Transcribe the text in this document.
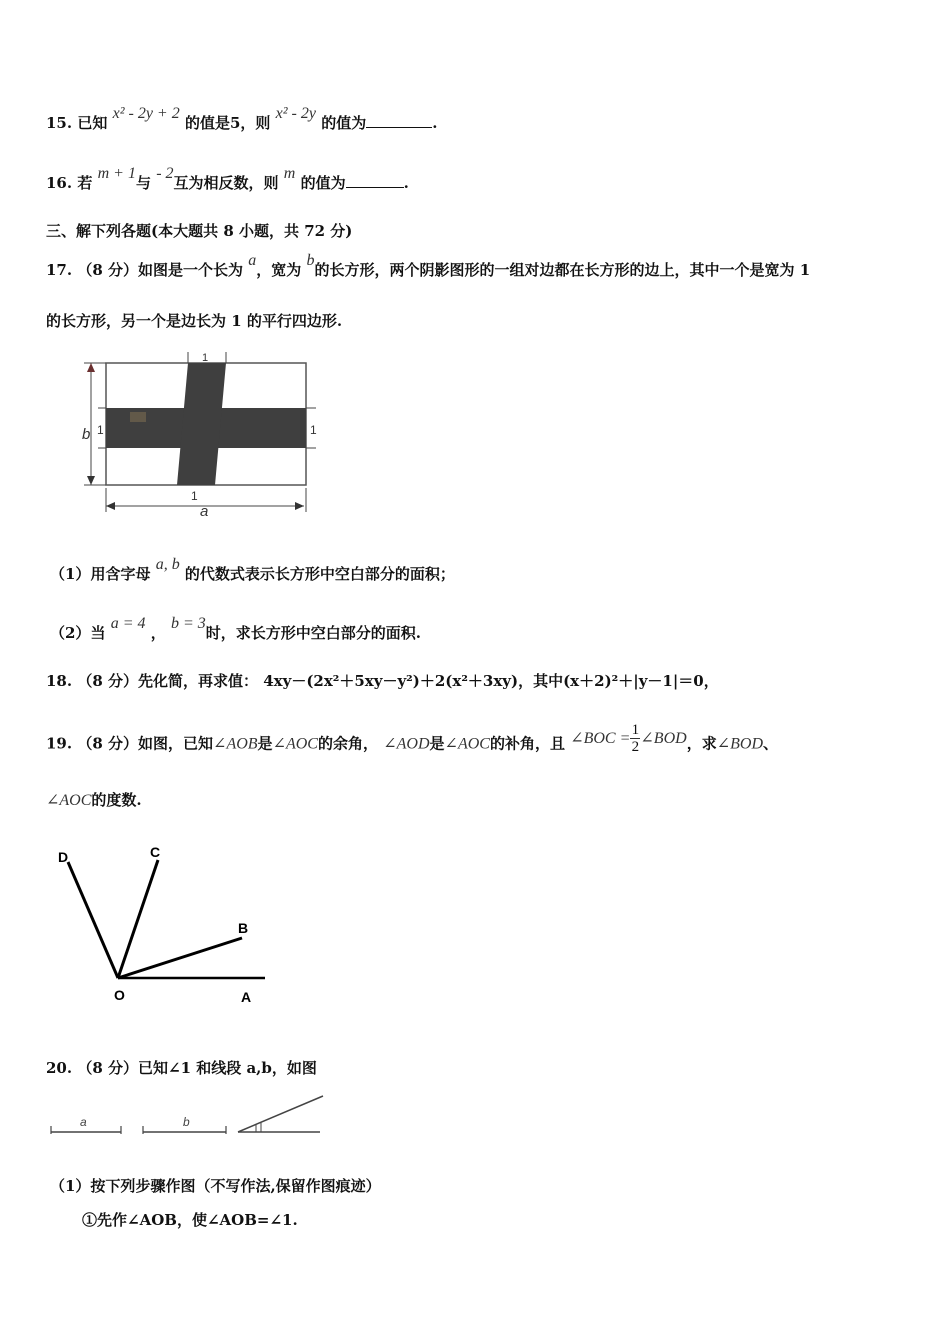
15. 已知 x² - 2y + 2 的值是5，则 x² - 2y 的值为	.
16. 若 m + 1与 - 2互为相反数，则 m 的值为	.
三、解下列各题(本大题共 8 小题，共 72 分)
17. （8 分）如图是一个长为 a，宽为 b的长方形，两个阴影图形的一组对边都在长方形的边上，其中一个是宽为 1
的长方形，另一个是边长为 1 的平行四边形.
1
1	1
1
b
a
（1）用含字母 a, b 的代数式表示长方形中空白部分的面积；
（2）当 a = 4 ， b = 3时，求长方形中空白部分的面积.
18. （8 分）先化简，再求值： 4xy－(2x²＋5xy－y²)＋2(x²＋3xy)，其中(x＋2)²＋|y－1|＝0，
19. （8 分）如图，已知∠AOB是∠AOC的余角， ∠AOD是∠AOC的补角，且 ∠BOC = $\frac{1}{2}$ ∠BOD，求∠BOD、
∠AOC的度数.
D	C
B
O	A
20. （8 分）已知∠1 和线段 a,b，如图
a	b
（1）按下列步骤作图（不写作法,保留作图痕迹）
①先作∠AOB，使∠AOB=∠1.
